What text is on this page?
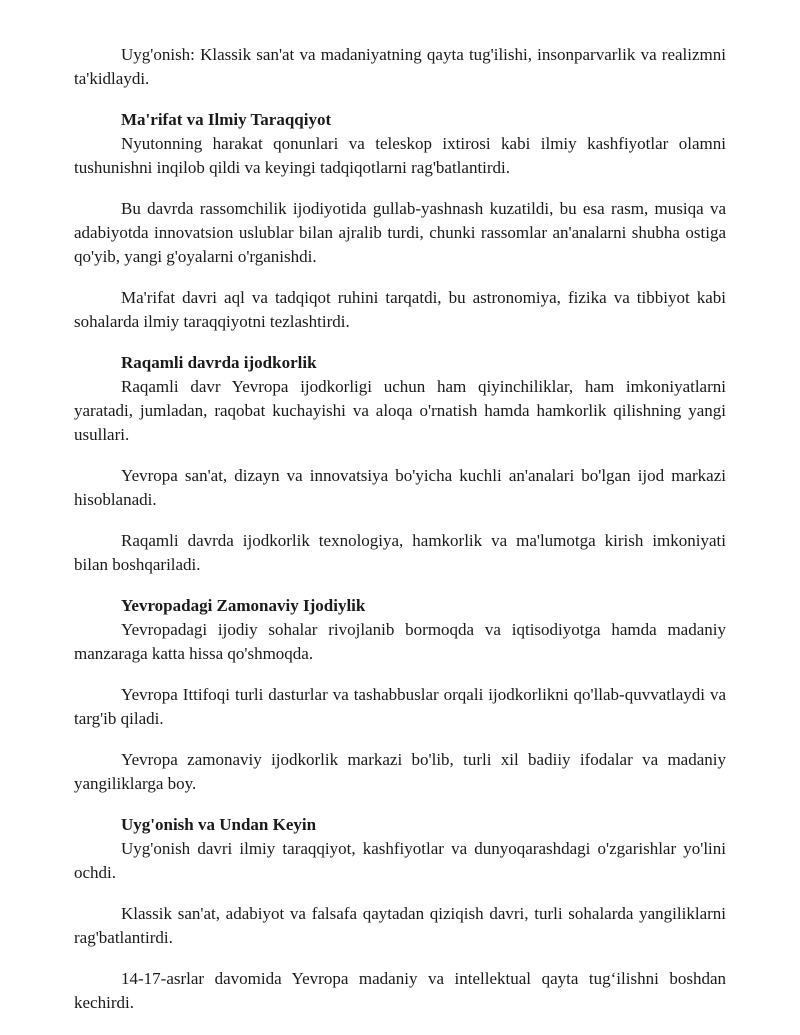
Uyg'onish: Klassik san'at va madaniyatning qayta tug'ilishi, insonparvarlik va realizmni ta'kidlaydi.

Ma'rifat va Ilmiy Taraqqiyot

Nyutonning harakat qonunlari va teleskop ixtirosi kabi ilmiy kashfiyotlar olamni tushunishni inqilob qildi va keyingi tadqiqotlarni rag'batlantirdi.

Bu davrda rassomchilik ijodiyotida gullab-yashnash kuzatildi, bu esa rasm, musiqa va adabiyotda innovatsion uslublar bilan ajralib turdi, chunki rassomlar an'analarni shubha ostiga qo'yib, yangi g'oyalarni o'rganishdi.

Ma'rifat davri aql va tadqiqot ruhini tarqatdi, bu astronomiya, fizika va tibbiyot kabi sohalarda ilmiy taraqqiyotni tezlashtirdi.

Raqamli davrda ijodkorlik

Raqamli davr Yevropa ijodkorligi uchun ham qiyinchiliklar, ham imkoniyatlarni yaratadi, jumladan, raqobat kuchayishi va aloqa o'rnatish hamda hamkorlik qilishning yangi usullari.

Yevropa san'at, dizayn va innovatsiya bo'yicha kuchli an'analari bo'lgan ijod markazi hisoblanadi.

Raqamli davrda ijodkorlik texnologiya, hamkorlik va ma'lumotga kirish imkoniyati bilan boshqariladi.

Yevropadagi Zamonaviy Ijodiylik

Yevropadagi ijodiy sohalar rivojlanib bormoqda va iqtisodiyotga hamda madaniy manzaraga katta hissa qo'shmoqda.

Yevropa Ittifoqi turli dasturlar va tashabbuslar orqali ijodkorlikni qo'llab-quvvatlaydi va targ'ib qiladi.

Yevropa zamonaviy ijodkorlik markazi bo'lib, turli xil badiiy ifodalar va madaniy yangiliklarga boy.

Uyg'onish va Undan Keyin

Uyg'onish davri ilmiy taraqqiyot, kashfiyotlar va dunyoqarashdagi o'zgarishlar yo'lini ochdi.

Klassik san'at, adabiyot va falsafa qaytadan qiziqish davri, turli sohalarda yangiliklarni rag'batlantirdi.

14-17-asrlar davomida Yevropa madaniy va intellektual qayta tug‘ilishni boshdan kechirdi.
